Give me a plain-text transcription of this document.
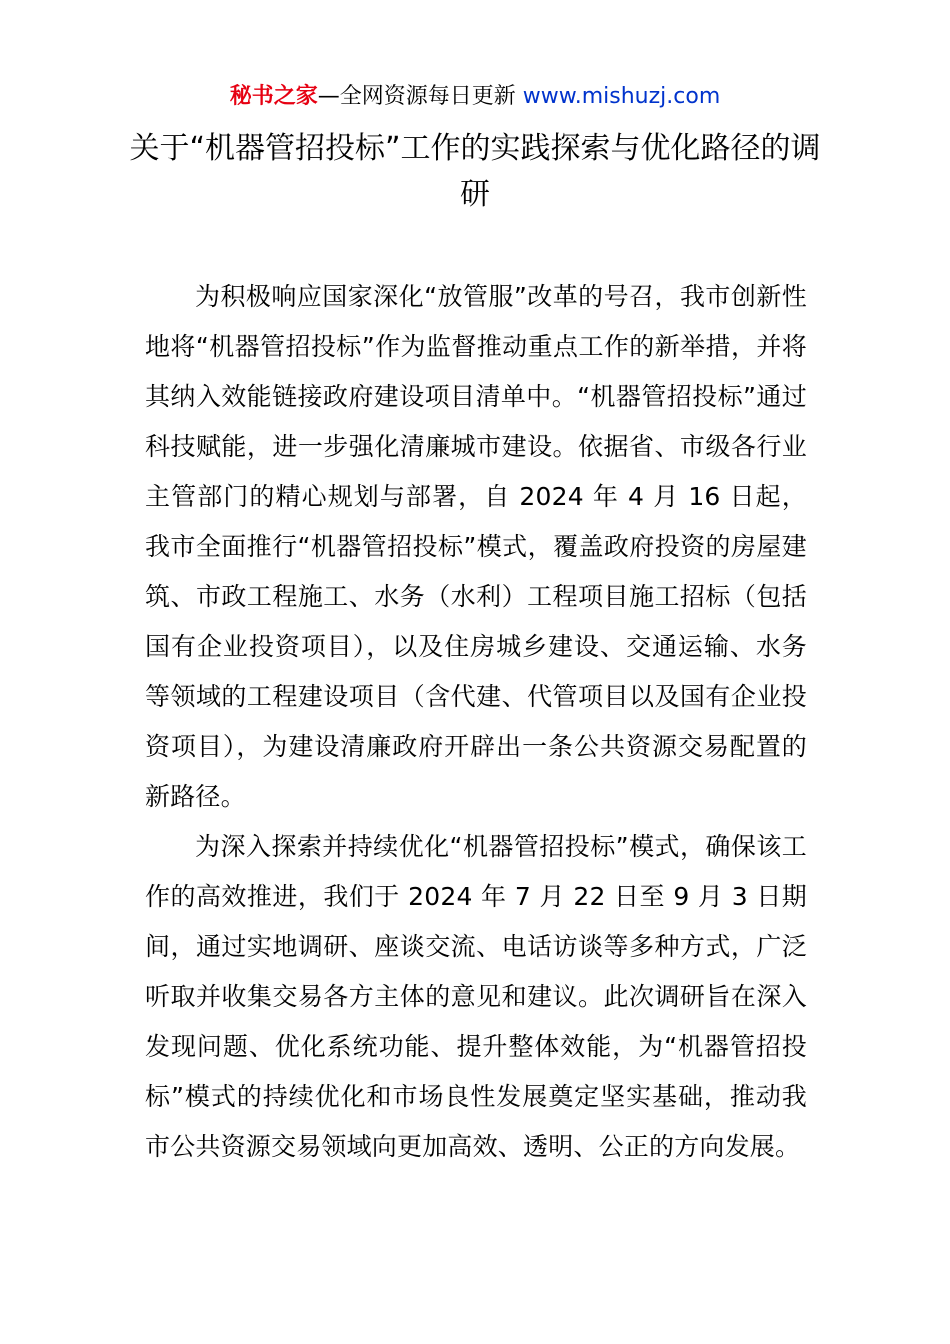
秘书之家—全网资源每日更新 www.mishuzj.com
关于“机器管招投标”工作的实践探索与优化路径的调研

为积极响应国家深化“放管服”改革的号召，我市创新性地将“机器管招投标”作为监督推动重点工作的新举措，并将其纳入效能链接政府建设项目清单中。“机器管招投标”通过科技赋能，进一步强化清廉城市建设。依据省、市级各行业主管部门的精心规划与部署，自 2024 年 4 月 16 日起，我市全面推行“机器管招投标”模式，覆盖政府投资的房屋建筑、市政工程施工、水务（水利）工程项目施工招标（包括国有企业投资项目），以及住房城乡建设、交通运输、水务等领域的工程建设项目（含代建、代管项目以及国有企业投资项目），为建设清廉政府开辟出一条公共资源交易配置的新路径。

为深入探索并持续优化“机器管招投标”模式，确保该工作的高效推进，我们于 2024 年 7 月 22 日至 9 月 3 日期间，通过实地调研、座谈交流、电话访谈等多种方式，广泛听取并收集交易各方主体的意见和建议。此次调研旨在深入发现问题、优化系统功能、提升整体效能，为“机器管招投标”模式的持续优化和市场良性发展奠定坚实基础，推动我市公共资源交易领域向更加高效、透明、公正的方向发展。
